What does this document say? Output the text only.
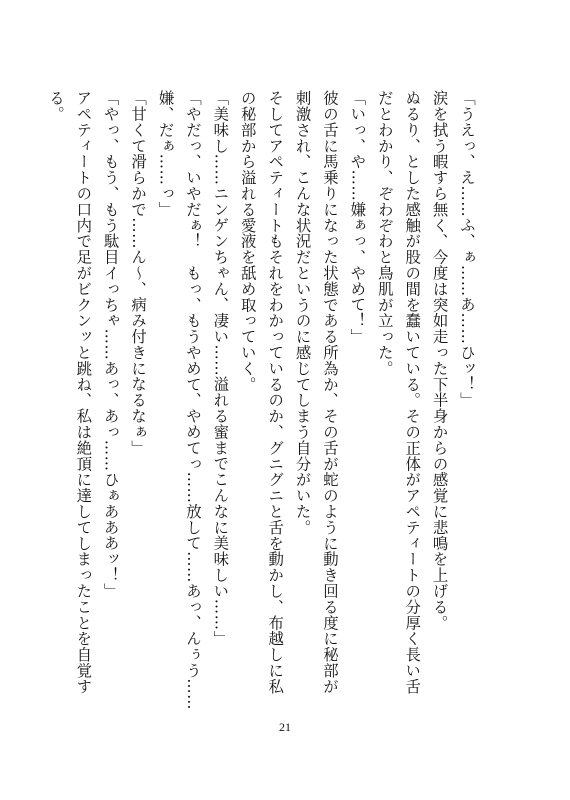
「うえっ、え……ふ、ぁ……あ……ひッ！」
涙を拭う暇すら無く、今度は突如走った下半身からの感覚に悲鳴を上げる。
ぬるり、とした感触が股の間を蠢いている。その正体がアペティートの分厚く長い舌
だとわかり、ぞわぞわと鳥肌が立った。
「いっ、や……嫌ぁっ、やめて！」
彼の舌に馬乗りになった状態である所為か、その舌が蛇のように動き回る度に秘部が
刺激され、こんな状況だというのに感じてしまう自分がいた。
そしてアペティートもそれをわかっているのか、グニグニと舌を動かし、布越しに私
の秘部から溢れる愛液を舐め取っていく。
「美味し……ニンゲンちゃん、凄い……溢れる蜜までこんなに美味しい……」
「やだっ、いやだぁ！　もっ、もうやめて、やめてっ……放して……あっ、んぅう……
嫌、だぁ……っ」
「甘くて滑らかで……ん〜、病み付きになるなぁ」
「やっ、もう、もう駄目イっちゃ……あっ、あっ……ひぁあああッ！」
アペティートの口内で足がビクンッと跳ね、私は絶頂に達してしまったことを自覚す
る。
21
